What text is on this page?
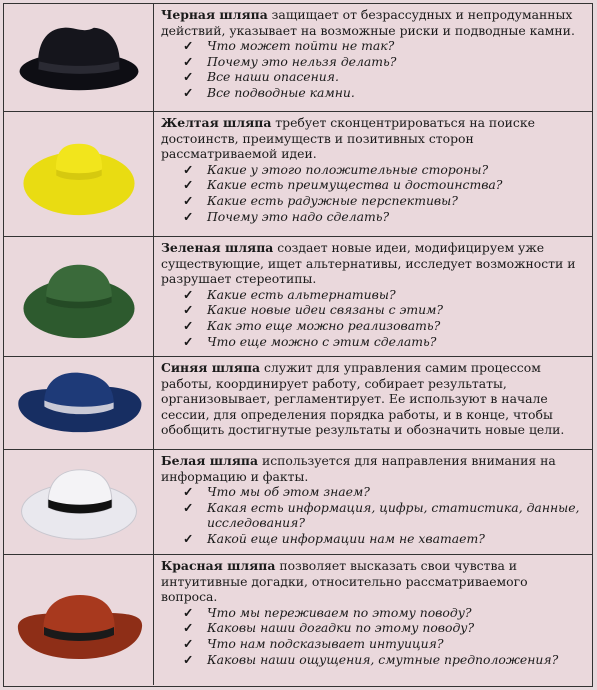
Черная шляпа защищает от безрассудных и непродуманных действий, указывает на возможные риски и подводные камни.

✓ Что может пойти не так?
✓ Почему это нельзя делать?
✓ Все наши опасения.
✓ Все подводные камни.

Желтая шляпа требует сконцентрироваться на поиске достоинств, преимуществ и позитивных сторон рассматриваемой идеи.

✓ Какие у этого положительные стороны?
✓ Какие есть преимущества и достоинства?
✓ Какие есть радужные перспективы?
✓ Почему это надо сделать?

Зеленая шляпа создает новые идеи, модифицируем уже существующие, ищет альтернативы, исследует возможности и разрушает стереотипы.

✓ Какие есть альтернативы?
✓ Какие новые идеи связаны с этим?
✓ Как это еще можно реализовать?
✓ Что еще можно с этим сделать?

Синяя шляпа служит для управления самим процессом работы, координирует работу, собирает результаты, организовывает, регламентирует. Ее используют в начале сессии, для определения порядка работы, и в конце, чтобы обобщить достигнутые результаты и обозначить новые цели.

Белая шляпа используется для направления внимания на информацию и факты.

✓ Что мы об этом знаем?
✓ Какая есть информация, цифры, статистика, данные, исследования?
✓ Какой еще информации нам не хватает?

Красная шляпа позволяет высказать свои чувства и интуитивные догадки, относительно рассматриваемого вопроса.

✓ Что мы переживаем по этому поводу?
✓ Каковы наши догадки по этому поводу?
✓ Что нам подсказывает интуиция?
✓ Каковы наши ощущения, смутные предположения?
